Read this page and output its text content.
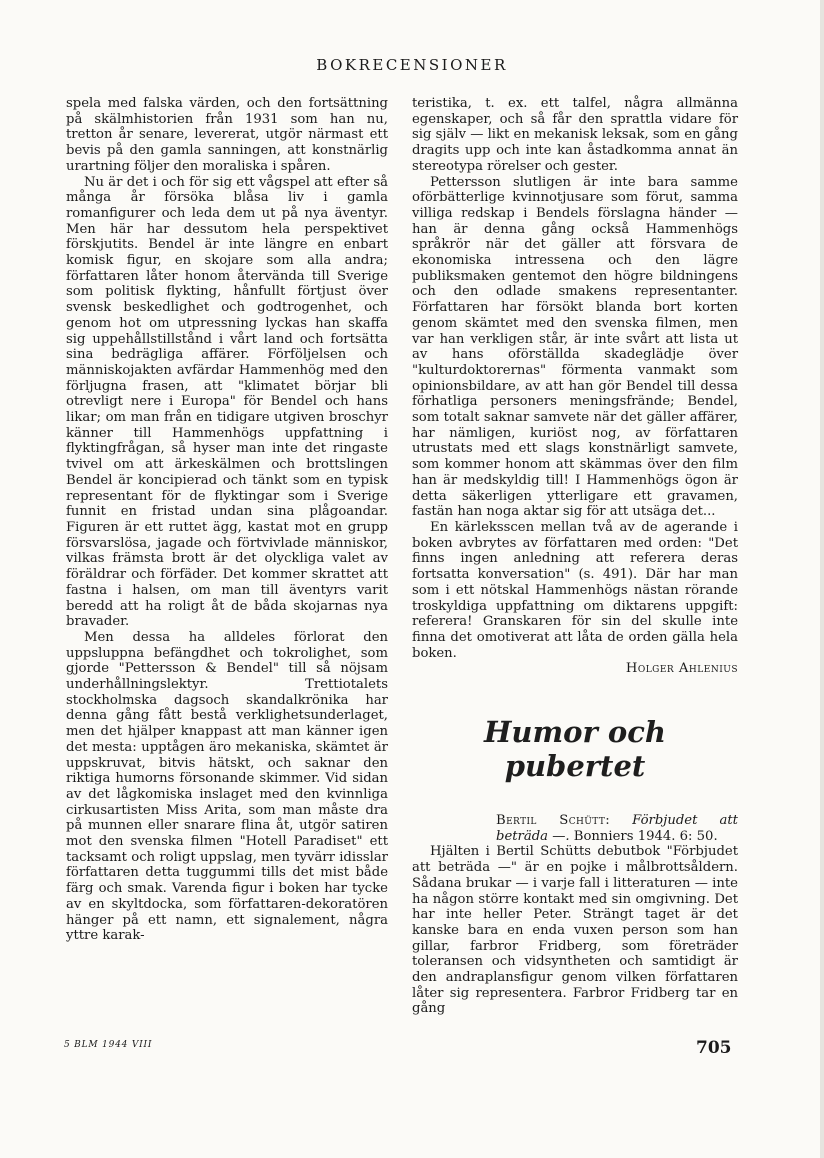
BOKRECENSIONER

spela med falska värden, och den fortsättning på skälmhistorien från 1931 som han nu, tretton år senare, levererat, utgör närmast ett bevis på den gamla sanningen, att konstnärlig urartning följer den moraliska i spåren.

Nu är det i och för sig ett vågspel att efter så många år försöka blåsa liv i gamla romanfigurer och leda dem ut på nya äventyr. Men här har dessutom hela perspektivet förskjutits. Bendel är inte längre en enbart komisk figur, en skojare som alla andra; författaren låter honom återvända till Sverige som politisk flykting, hånfullt förtjust över svensk beskedlighet och godtrogenhet, och genom hot om utpressning lyckas han skaffa sig uppehållstillstånd i vårt land och fortsätta sina bedrägliga affärer. Förföljelsen och människojakten avfärdar Hammenhög med den förljugna frasen, att "klimatet börjar bli otrevligt nere i Europa" för Bendel och hans likar; om man från en tidigare utgiven broschyr känner till Hammenhögs uppfattning i flyktingfrågan, så hyser man inte det ringaste tvivel om att ärkeskälmen och brottslingen Bendel är koncipierad och tänkt som en typisk representant för de flyktingar som i Sverige funnit en fristad undan sina plågoandar. Figuren är ett ruttet ägg, kastat mot en grupp försvarslösa, jagade och förtvivlade människor, vilkas främsta brott är det olyckliga valet av föräldrar och förfäder. Det kommer skrattet att fastna i halsen, om man till äventyrs varit beredd att ha roligt åt de båda skojarnas nya bravader.

Men dessa ha alldeles förlorat den uppsluppna befängdhet och tokrolighet, som gjorde "Pettersson & Bendel" till så nöjsam underhållningslektyr. Trettiotalets stockholmska dagsoch skandalkrönika har denna gång fått bestå verklighetsunderlaget, men det hjälper knappast att man känner igen det mesta: upptågen äro mekaniska, skämtet är uppskruvat, bitvis hätskt, och saknar den riktiga humorns försonande skimmer. Vid sidan av det lågkomiska inslaget med den kvinnliga cirkusartisten Miss Arita, som man måste dra på munnen eller snarare flina åt, utgör satiren mot den svenska filmen "Hotell Paradiset" ett tacksamt och roligt uppslag, men tyvärr idisslar författaren detta tuggummi tills det mist både färg och smak. Varenda figur i boken har tycke av en skyltdocka, som författaren-dekoratören hänger på ett namn, ett signalement, några yttre karak-

teristika, t. ex. ett talfel, några allmänna egenskaper, och så får den sprattla vidare för sig själv — likt en mekanisk leksak, som en gång dragits upp och inte kan åstadkomma annat än stereotypa rörelser och gester.

Pettersson slutligen är inte bara samme oförbätterlige kvinnotjusare som förut, samma villiga redskap i Bendels förslagna händer — han är denna gång också Hammenhögs språkrör när det gäller att försvara de ekonomiska intressena och den lägre publiksmaken gentemot den högre bildningens och den odlade smakens representanter. Författaren har försökt blanda bort korten genom skämtet med den svenska filmen, men var han verkligen står, är inte svårt att lista ut av hans oförställda skadeglädje över "kulturdoktorernas" förmenta vanmakt som opinionsbildare, av att han gör Bendel till dessa förhatliga personers meningsfrände; Bendel, som totalt saknar samvete när det gäller affärer, har nämligen, kuriöst nog, av författaren utrustats med ett slags konstnärligt samvete, som kommer honom att skämmas över den film han är medskyldig till! I Hammenhögs ögon är detta säkerligen ytterligare ett gravamen, fastän han noga aktar sig för att utsäga det...

En kärleksscen mellan två av de agerande i boken avbrytes av författaren med orden: "Det finns ingen anledning att referera deras fortsatta konversation" (s. 491). Där har man som i ett nötskal Hammenhögs nästan rörande troskyldiga uppfattning om diktarens uppgift: referera! Granskaren för sin del skulle inte finna det omotiverat att låta de orden gälla hela boken.

Holger Ahlenius
Humor och pubertet

Bertil Schütt: Förbjudet att beträda —. Bonniers 1944. 6: 50.

Hjälten i Bertil Schütts debutbok "Förbjudet att beträda —" är en pojke i målbrottsåldern. Sådana brukar — i varje fall i litteraturen — inte ha någon större kontakt med sin omgivning. Det har inte heller Peter. Strängt taget är det kanske bara en enda vuxen person som han gillar, farbror Fridberg, som företräder toleransen och vidsyntheten och samtidigt är den andraplansfigur genom vilken författaren låter sig representera. Farbror Fridberg tar en gång

5 BLM 1944 VIII	705
